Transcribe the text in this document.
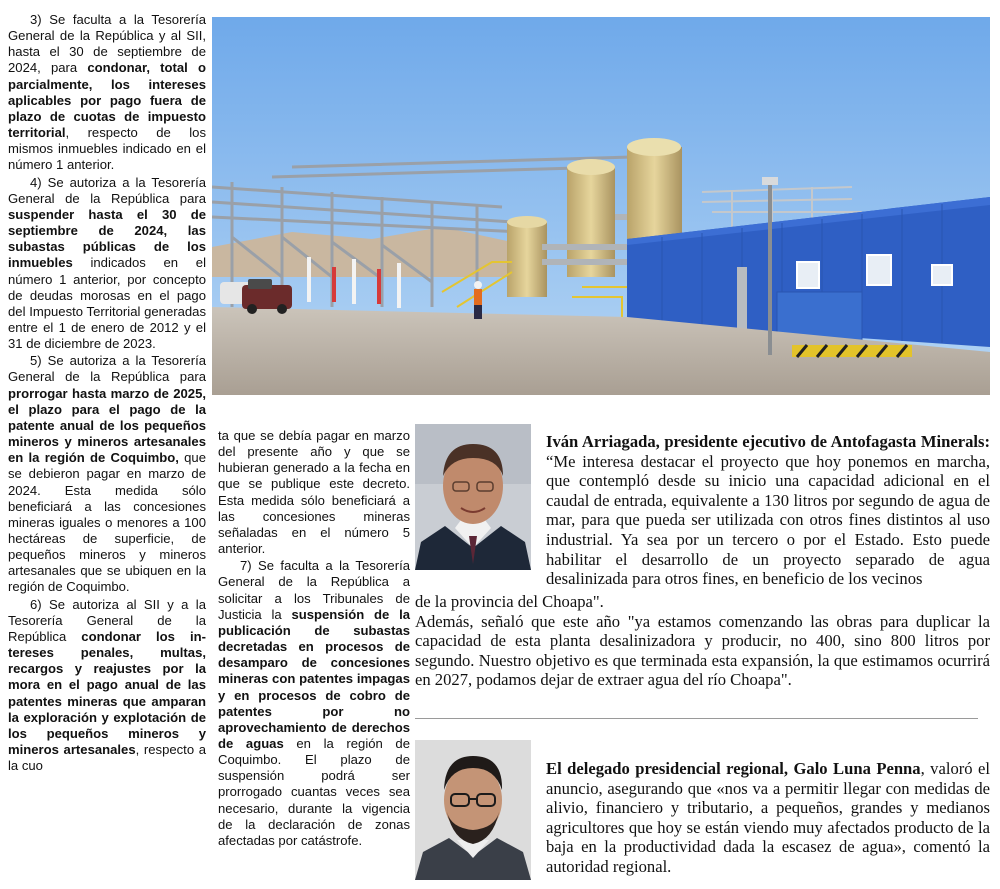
3) Se faculta a la Tesorería General de la República y al SII, hasta el 30 de septiembre de 2024, para condonar, total o parcialmente, los intereses aplicables por pago fuera de plazo de cuotas de impuesto territorial, respecto de los mismos inmuebles indicado en el número 1 anterior.

4) Se autoriza a la Tesorería General de la República para suspender hasta el 30 de septiembre de 2024, las subastas públicas de los inmuebles indicados en el número 1 anterior, por concepto de deudas morosas en el pago del Impuesto Territorial generadas entre el 1 de enero de 2012 y el 31 de diciembre de 2023.

5) Se autoriza a la Tesorería General de la República para prorrogar hasta marzo de 2025, el plazo para el pago de la patente anual de los pequeños mineros y mineros artesanales en la región de Coquimbo, que se debieron pagar en marzo de 2024. Esta medida sólo beneficiará a las concesiones mineras iguales o menores a 100 hectáreas de superficie, de pequeños mineros y mineros artesanales que se ubiquen en la región de Coquimbo.

6) Se autoriza al SII y a la Tesorería General de la República condonar los intereses penales, multas, recargos y reajustes por la mora en el pago anual de las patentes mineras que amparan la exploración y explotación de los pequeños mineros y mineros artesanales, respecto a la cuo

ta que se debía pagar en marzo del presente año y que se hubieran generado a la fecha en que se publique este decreto. Esta medida sólo beneficiará a las concesiones mineras señaladas en el número 5 anterior.

7) Se faculta a la Tesorería General de la República a solicitar a los Tribunales de Justicia la suspensión de la publicación de subastas decretadas en procesos de desamparo de concesiones mineras con patentes impagas y en procesos de cobro de patentes por no aprovechamiento de derechos de aguas en la región de Coquimbo. El plazo de suspensión podrá ser prorrogado cuantas veces sea necesario, durante la vigencia de la declaración de zonas afectadas por catástrofe.

Iván Arriagada, presidente ejecutivo de Antofagasta Minerals: “Me interesa destacar el proyecto que hoy ponemos en marcha, que contempló desde su inicio una capacidad adicional en el caudal de entrada, equivalente a 130 litros por segundo de agua de mar, para que pueda ser utilizada con otros fines distintos al uso industrial. Ya sea por un tercero o por el Estado. Esto puede habilitar el desarrollo de un proyecto separado de agua desalinizada para otros fines, en beneficio de los vecinos

de la provincia del Choapa".

Además, señaló que este año "ya estamos comenzando las obras para duplicar la capacidad de esta planta desalinizadora y producir, no 400, sino 800 litros por segundo. Nuestro objetivo es que terminada esta expansión, la que estimamos ocurrirá en 2027, podamos dejar de extraer agua del río Choapa".

El delegado presidencial regional, Galo Luna Penna, valoró el anuncio, asegurando que «nos va a permitir llegar con medidas de alivio, financiero y tributario, a pequeños, grandes y medianos agricultores que hoy se están viendo muy afectados producto de la baja en la productividad dada la escasez de agua», comentó la autoridad regional.
